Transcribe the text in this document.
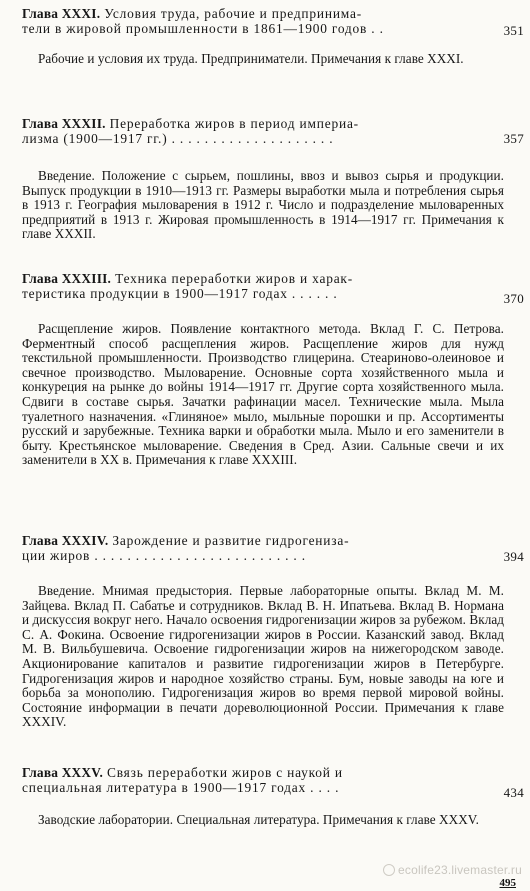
Глава XXXI. Условия труда, рабочие и предпринима-
тели в жировой промышленности в 1861—1900 годов . .	351
Рабочие и условия их труда. Предприниматели. Примечания к главе XXXI.
Глава XXXII. Переработка жиров в период империа-
лизма (1900—1917 гг.) . . . . . . . . . . . . . . . . . . . .	357
Введение. Положение с сырьем, пошлины, ввоз и вывоз сырья и продукции. Выпуск продукции в 1910—1913 гг. Размеры выработки мыла и потребления сырья в 1913 г. География мыловарения в 1912 г. Число и подразделение мыловаренных предприятий в 1913 г. Жировая промышленность в 1914—1917 гг. Примечания к главе XXXII.
Глава XXXIII. Техника переработки жиров и харак-
теристика продукции в 1900—1917 годах . . . . . .	370
Расщепление жиров. Появление контактного метода. Вклад Г. С. Петрова. Ферментный способ расщепления жиров. Расщепление жиров для нужд текстильной промышленности. Производство глицерина. Стеариново-олеиновое и свечное производство. Мыловарение. Основные сорта хозяйственного мыла и конкуреция на рынке до войны 1914—1917 гг. Другие сорта хозяйственного мыла. Сдвиги в составе сырья. Зачатки рафинации масел. Технические мыла. Мыла туалетного назначения. «Глиняное» мыло, мыльные порошки и пр. Ассортименты русский и зарубежные. Техника варки и обработки мыла. Мыло и его заменители в быту. Крестьянское мыловарение. Сведения в Сред. Азии. Сальные свечи и их заменители в XX в. Примечания к главе XXXIII.
Глава XXXIV. Зарождение и развитие гидрогениза-
ции жиров . . . . . . . . . . . . . . . . . . . . . . . . . .	394
Введение. Мнимая предыстория. Первые лабораторные опыты. Вклад М. М. Зайцева. Вклад П. Сабатье и сотрудников. Вклад В. Н. Ипатьева. Вклад В. Нормана и дискуссия вокруг него. Начало освоения гидрогенизации жиров за рубежом. Вклад С. А. Фокина. Освоение гидрогенизации жиров в России. Казанский завод. Вклад М. В. Вильбушевича. Освоение гидрогенизации жиров на нижегородском заводе. Акционирование капиталов и развитие гидрогенизации жиров в Петербурге. Гидрогенизация жиров и народное хозяйство страны. Бум, новые заводы на юге и борьба за монополию. Гидрогенизация жиров во время первой мировой войны. Состояние информации в печати дореволюционной России. Примечания к главе XXXIV.
Глава XXXV. Связь переработки жиров с наукой и
специальная литература в 1900—1917 годах . . . .	434
Заводские лаборатории. Специальная литература. Примечания к главе XXXV.
ecolife23.livemaster.ru
495
